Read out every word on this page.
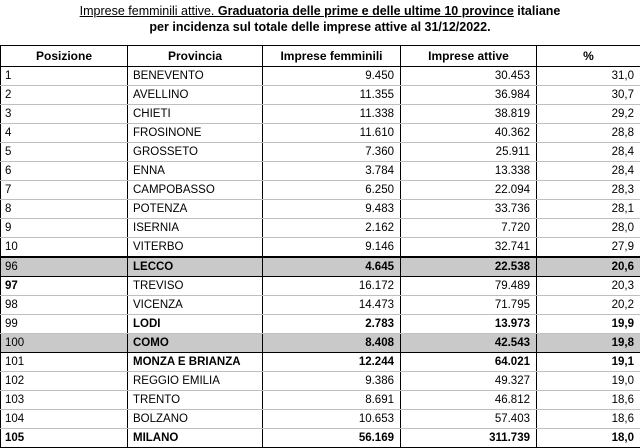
Imprese femminili attive. Graduatoria delle prime e delle ultime 10 province italiane
per incidenza sul totale delle imprese attive al 31/12/2022.
Posizione	Provincia	Imprese femminili	Imprese attive	%
1	BENEVENTO	9.450	30.453	31,0
2	AVELLINO	11.355	36.984	30,7
3	CHIETI	11.338	38.819	29,2
4	FROSINONE	11.610	40.362	28,8
5	GROSSETO	7.360	25.911	28,4
6	ENNA	3.784	13.338	28,4
7	CAMPOBASSO	6.250	22.094	28,3
8	POTENZA	9.483	33.736	28,1
9	ISERNIA	2.162	7.720	28,0
10	VITERBO	9.146	32.741	27,9
96	LECCO	4.645	22.538	20,6
97	TREVISO	16.172	79.489	20,3
98	VICENZA	14.473	71.795	20,2
99	LODI	2.783	13.973	19,9
100	COMO	8.408	42.543	19,8
101	MONZA E BRIANZA	12.244	64.021	19,1
102	REGGIO EMILIA	9.386	49.327	19,0
103	TRENTO	8.691	46.812	18,6
104	BOLZANO	10.653	57.403	18,6
105	MILANO	56.169	311.739	18,0
